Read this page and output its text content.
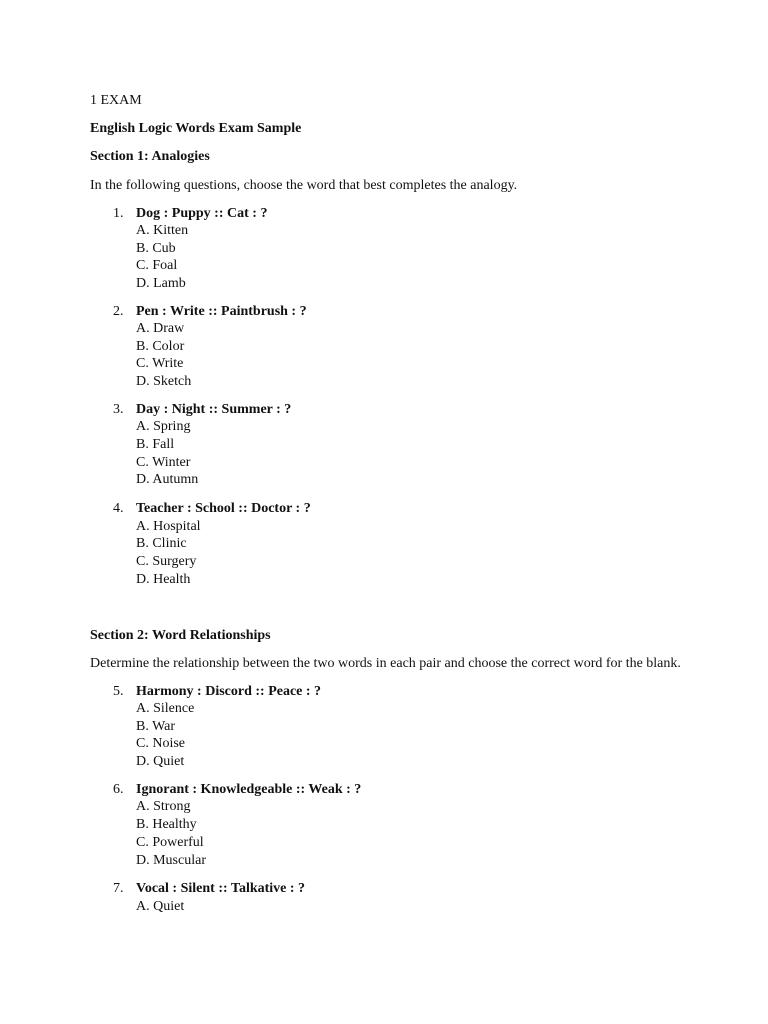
1 EXAM
English Logic Words Exam Sample
Section 1: Analogies
In the following questions, choose the word that best completes the analogy.
1. Dog : Puppy :: Cat : ?
A. Kitten
B. Cub
C. Foal
D. Lamb
2. Pen : Write :: Paintbrush : ?
A. Draw
B. Color
C. Write
D. Sketch
3. Day : Night :: Summer : ?
A. Spring
B. Fall
C. Winter
D. Autumn
4. Teacher : School :: Doctor : ?
A. Hospital
B. Clinic
C. Surgery
D. Health
Section 2: Word Relationships
Determine the relationship between the two words in each pair and choose the correct word for the blank.
5. Harmony : Discord :: Peace : ?
A. Silence
B. War
C. Noise
D. Quiet
6. Ignorant : Knowledgeable :: Weak : ?
A. Strong
B. Healthy
C. Powerful
D. Muscular
7. Vocal : Silent :: Talkative : ?
A. Quiet
